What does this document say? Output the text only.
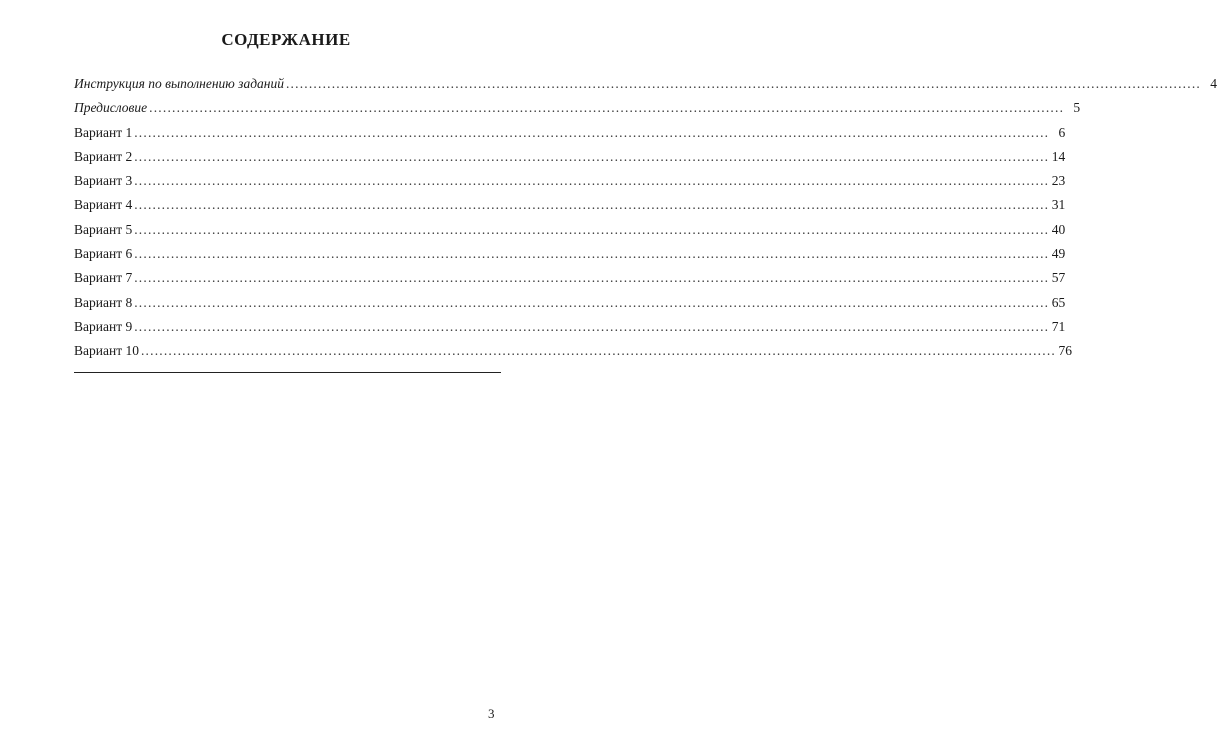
СОДЕРЖАНИЕ
Инструкция по выполнению заданий ........................................................................................................................................................................................................ 4
Предисловие ........................................................................................................................................................................................................ 5
Вариант 1 ........................................................................................................................................................................................................ 6
Вариант 2 ........................................................................................................................................................................................................ 14
Вариант 3 ........................................................................................................................................................................................................ 23
Вариант 4 ........................................................................................................................................................................................................ 31
Вариант 5 ........................................................................................................................................................................................................ 40
Вариант 6 ........................................................................................................................................................................................................ 49
Вариант 7 ........................................................................................................................................................................................................ 57
Вариант 8 ........................................................................................................................................................................................................ 65
Вариант 9 ........................................................................................................................................................................................................ 71
Вариант 10 ........................................................................................................................................................................................................ 76
3
